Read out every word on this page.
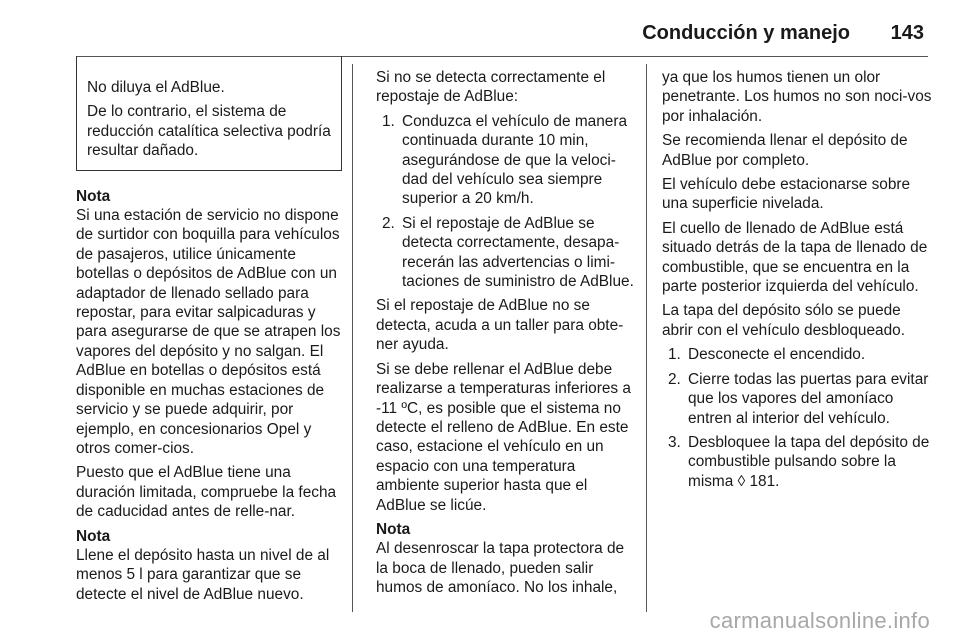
Conducción y manejo	143

No diluya el AdBlue.

De lo contrario, el sistema de reducción catalítica selectiva podría resultar dañado.

Nota
Si una estación de servicio no dispone de surtidor con boquilla para vehículos de pasajeros, utilice únicamente botellas o depósitos de AdBlue con un adaptador de llenado sellado para repostar, para evitar salpicaduras y para asegurarse de que se atrapen los vapores del depósito y no salgan. El AdBlue en botellas o depósitos está disponible en muchas estaciones de servicio y se puede adquirir, por ejemplo, en concesionarios Opel y otros comer-cios.

Puesto que el AdBlue tiene una duración limitada, compruebe la fecha de caducidad antes de relle-nar.

Nota
Llene el depósito hasta un nivel de al menos 5 l para garantizar que se detecte el nivel de AdBlue nuevo.

Si no se detecta correctamente el repostaje de AdBlue:

1. Conduzca el vehículo de manera continuada durante 10 min, asegurándose de que la veloci-dad del vehículo sea siempre superior a 20 km/h.
2. Si el repostaje de AdBlue se detecta correctamente, desapa-recerán las advertencias o limi-taciones de suministro de AdBlue.

Si el repostaje de AdBlue no se detecta, acuda a un taller para obte-ner ayuda.

Si se debe rellenar el AdBlue debe realizarse a temperaturas inferiores a -11 ºC, es posible que el sistema no detecte el relleno de AdBlue. En este caso, estacione el vehículo en un espacio con una temperatura ambiente superior hasta que el AdBlue se licúe.

Nota
Al desenroscar la tapa protectora de la boca de llenado, pueden salir humos de amoníaco. No los inhale,

ya que los humos tienen un olor penetrante. Los humos no son noci-vos por inhalación.

Se recomienda llenar el depósito de AdBlue por completo.

El vehículo debe estacionarse sobre una superficie nivelada.

El cuello de llenado de AdBlue está situado detrás de la tapa de llenado de combustible, que se encuentra en la parte posterior izquierda del vehículo.

La tapa del depósito sólo se puede abrir con el vehículo desbloqueado.

1. Desconecte el encendido.
2. Cierre todas las puertas para evitar que los vapores del amoníaco entren al interior del vehículo.
3. Desbloquee la tapa del depósito de combustible pulsando sobre la misma ◊ 181.
carmanualsonline.info
